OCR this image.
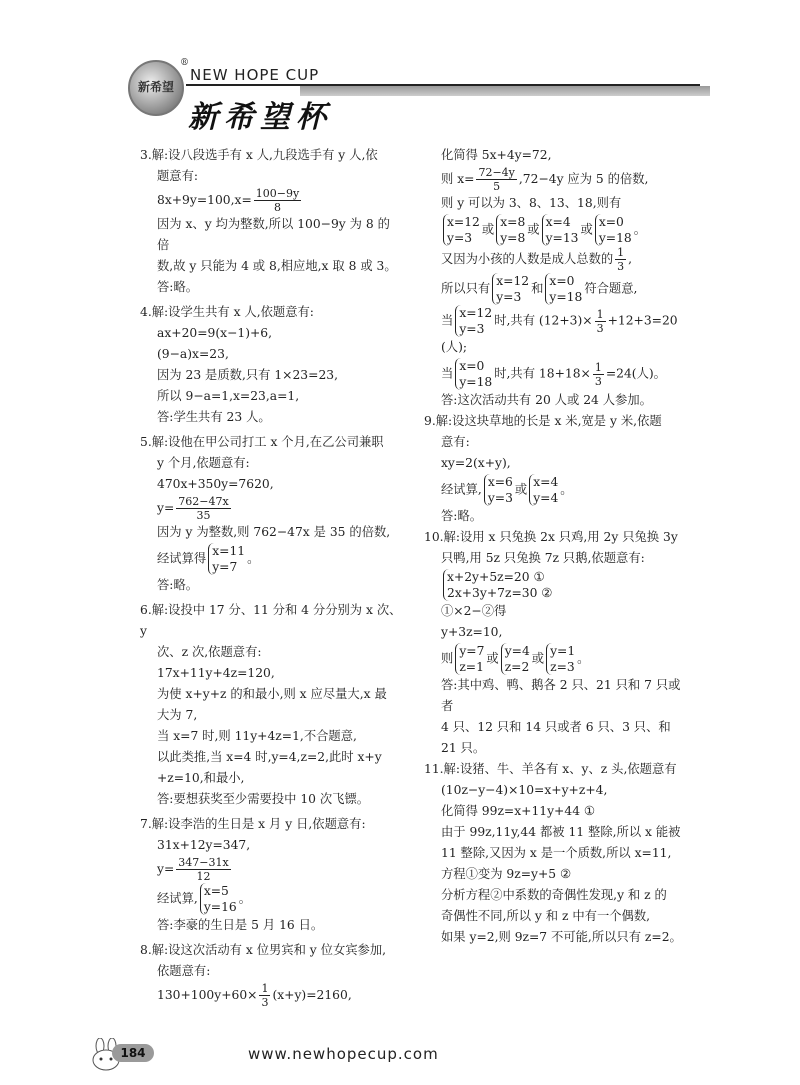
新希望
®
NEW HOPE CUP
新希望杯

3.解:设八段选手有 x 人,九段选手有 y 人,依

题意有:

$8x+9y=100,x= \frac{100-9y}{8}$

因为 x、y 均为整数,所以 100−9y 为 8 的倍

数,故 y 只能为 4 或 8,相应地,x 取 8 或 3。

答:略。

4.解:设学生共有 x 人,依题意有:

ax+20=9(x−1)+6,

(9−a)x=23,

因为 23 是质数,只有 1×23=23,

所以 9−a=1,x=23,a=1,

答:学生共有 23 人。

5.解:设他在甲公司打工 x 个月,在乙公司兼职

y 个月,依题意有:

470x+350y=7620,

$y= \frac{762-47x}{35}$

因为 y 为整数,则 762−47x 是 35 的倍数,

经试算得
x=11
y=7
。

答:略。

6.解:设投中 17 分、11 分和 4 分分别为 x 次、y

次、z 次,依题意有:

17x+11y+4z=120,

为使 x+y+z 的和最小,则 x 应尽量大,x 最

大为 7,

当 x=7 时,则 11y+4z=1,不合题意,

以此类推,当 x=4 时,y=4,z=2,此时 x+y

+z=10,和最小,

答:要想获奖至少需要投中 10 次飞镖。

7.解:设李浩的生日是 x 月 y 日,依题意有:

31x+12y=347,

$y= \frac{347-31x}{12}$

经试算,
x=5
y=16
。

答:李豪的生日是 5 月 16 日。

8.解:设这次活动有 x 位男宾和 y 位女宾参加,

依题意有:

$130+100y+60\times \frac{1}{3} (x+y)=2160$,

化简得 5x+4y=72,

则 $x= \frac{72-4y}{5} ,72-4y$ 应为 5 的倍数,

则 y 可以为 3、8、13、18,则有

x=12
y=3
或
x=8
y=8
或
x=4
y=13
或
x=0
y=18
。

又因为小孩的人数是成人总数的 $\frac{1}{3}$ ,

所以只有
x=12
y=3
和
x=0
y=18
符合题意,

当
x=12
y=3
时,共有 $(12+3)\times \frac{1}{3} +12+3=20$

(人);

当
x=0
y=18
时,共有 $18+18\times \frac{1}{3} =24$(人)。

答:这次活动共有 20 人或 24 人参加。

9.解:设这块草地的长是 x 米,宽是 y 米,依题

意有:

xy=2(x+y),

经试算,
x=6
y=3
或
x=4
y=4
。

答:略。

10.解:设用 x 只兔换 2x 只鸡,用 2y 只兔换 3y

只鸭,用 5z 只兔换 7z 只鹅,依题意有:

x+2y+5z=20 ①
2x+3y+7z=30 ②

①×2−②得

y+3z=10,

则
y=7
z=1
或
y=4
z=2
或
y=1
z=3
。

答:其中鸡、鸭、鹅各 2 只、21 只和 7 只或者

4 只、12 只和 14 只或者 6 只、3 只、和 21 只。

11.解:设猪、牛、羊各有 x、y、z 头,依题意有

(10z−y−4)×10=x+y+z+4,

化简得 99z=x+11y+44 ①

由于 99z,11y,44 都被 11 整除,所以 x 能被

11 整除,又因为 x 是一个质数,所以 x=11,

方程①变为 9z=y+5 ②

分析方程②中系数的奇偶性发现,y 和 z 的

奇偶性不同,所以 y 和 z 中有一个偶数,

如果 y=2,则 9z=7 不可能,所以只有 z=2。

184	www.newhopecup.com
